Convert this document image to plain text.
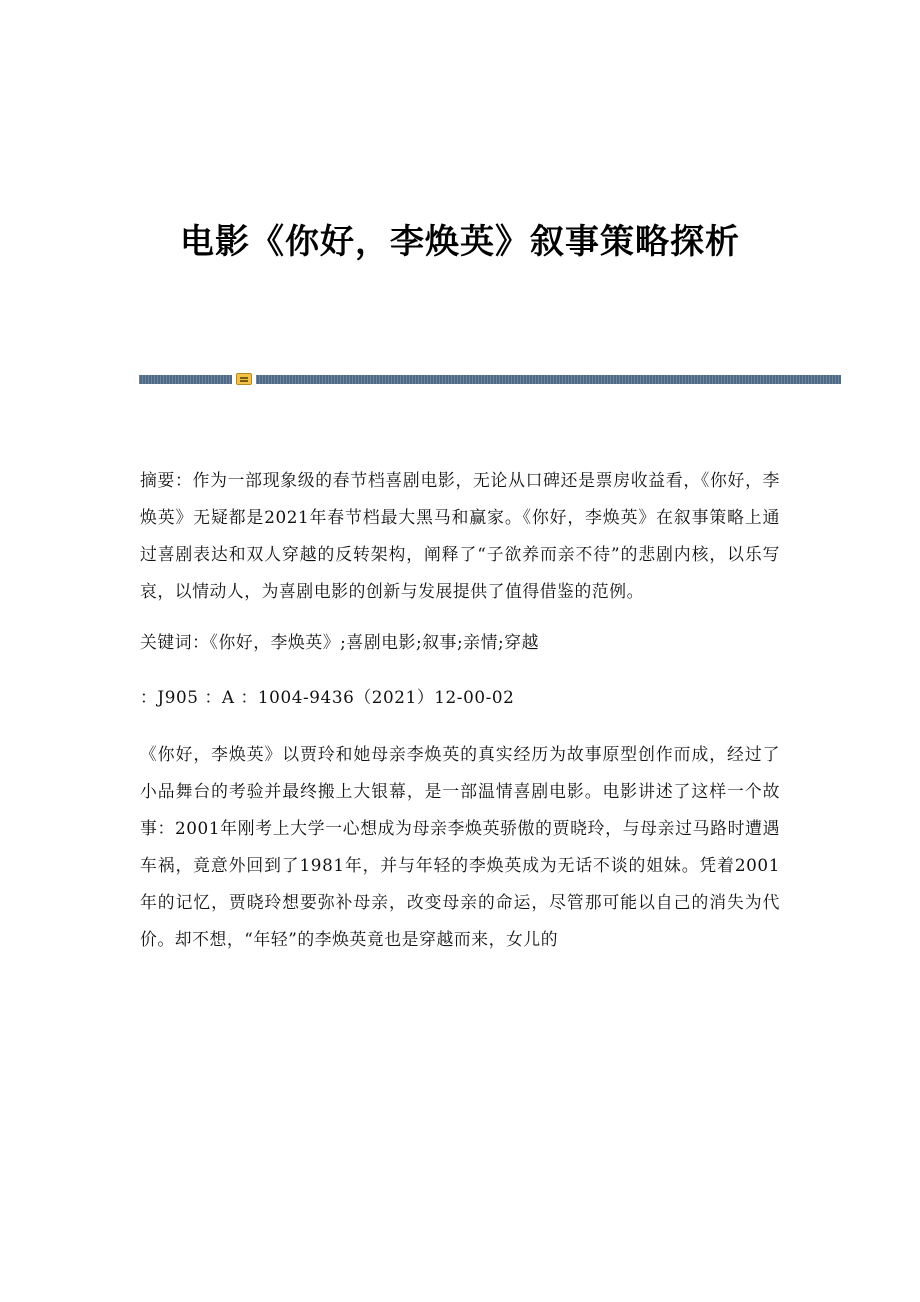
电影《你好，李焕英》叙事策略探析

摘要：作为一部现象级的春节档喜剧电影，无论从口碑还是票房收益看，《你好，李焕英》无疑都是2021年春节档最大黑马和赢家。《你好，李焕英》在叙事策略上通过喜剧表达和双人穿越的反转架构，阐释了“子欲养而亲不待”的悲剧内核，以乐写哀，以情动人，为喜剧电影的创新与发展提供了值得借鉴的范例。

关键词：《你好，李焕英》;喜剧电影;叙事;亲情;穿越

：J905 ：A ：1004-9436（2021）12-00-02

《你好，李焕英》以贾玲和她母亲李焕英的真实经历为故事原型创作而成，经过了小品舞台的考验并最终搬上大银幕，是一部温情喜剧电影。电影讲述了这样一个故事：2001年刚考上大学一心想成为母亲李焕英骄傲的贾晓玲，与母亲过马路时遭遇车祸，竟意外回到了1981年，并与年轻的李焕英成为无话不谈的姐妹。凭着2001年的记忆，贾晓玲想要弥补母亲，改变母亲的命运，尽管那可能以自己的消失为代价。却不想，“年轻”的李焕英竟也是穿越而来，女儿的
